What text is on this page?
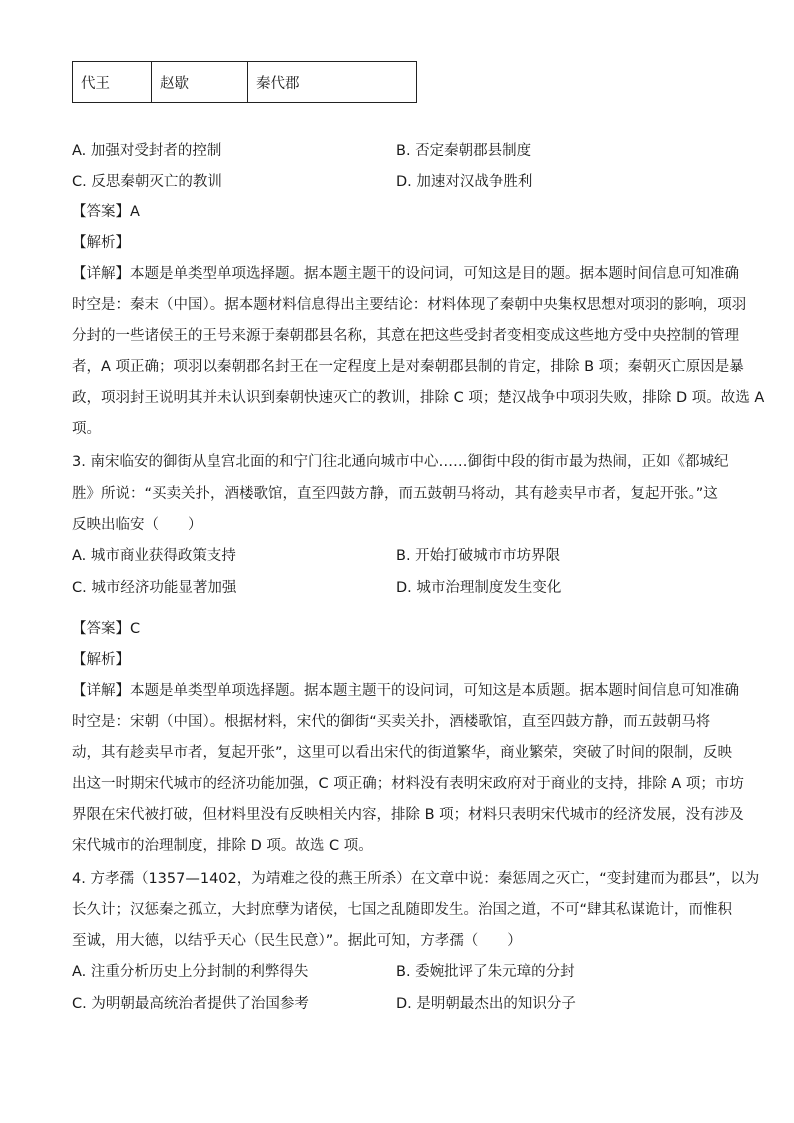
代王	赵歇	秦代郡
A. 加强对受封者的控制	B. 否定秦朝郡县制度
C. 反思秦朝灭亡的教训	D. 加速对汉战争胜利
【答案】A
【解析】
【详解】本题是单类型单项选择题。据本题主题干的设问词，可知这是目的题。据本题时间信息可知准确
时空是：秦末（中国）。据本题材料信息得出主要结论：材料体现了秦朝中央集权思想对项羽的影响，项羽
分封的一些诸侯王的王号来源于秦朝郡县名称，其意在把这些受封者变相变成这些地方受中央控制的管理
者，A 项正确；项羽以秦朝郡名封王在一定程度上是对秦朝郡县制的肯定，排除 B 项；秦朝灭亡原因是暴
政，项羽封王说明其并未认识到秦朝快速灭亡的教训，排除 C 项；楚汉战争中项羽失败，排除 D 项。故选 A
项。
3. 南宋临安的御街从皇宫北面的和宁门往北通向城市中心……御街中段的街市最为热闹，正如《都城纪
胜》所说：“买卖关扑，酒楼歌馆，直至四鼓方静，而五鼓朝马将动，其有趁卖早市者，复起开张。”这
反映出临安（　　）
A. 城市商业获得政策支持	B. 开始打破城市市坊界限
C. 城市经济功能显著加强	D. 城市治理制度发生变化
【答案】C
【解析】
【详解】本题是单类型单项选择题。据本题主题干的设问词，可知这是本质题。据本题时间信息可知准确
时空是：宋朝（中国）。根据材料，宋代的御街“买卖关扑，酒楼歌馆，直至四鼓方静，而五鼓朝马将
动，其有趁卖早市者，复起开张”，这里可以看出宋代的街道繁华，商业繁荣，突破了时间的限制，反映
出这一时期宋代城市的经济功能加强，C 项正确；材料没有表明宋政府对于商业的支持，排除 A 项；市坊
界限在宋代被打破，但材料里没有反映相关内容，排除 B 项；材料只表明宋代城市的经济发展，没有涉及
宋代城市的治理制度，排除 D 项。故选 C 项。
4. 方孝孺（1357—1402，为靖难之役的燕王所杀）在文章中说：秦惩周之灭亡，“变封建而为郡县”，以为
长久计；汉惩秦之孤立，大封庶孽为诸侯，七国之乱随即发生。治国之道，不可“肆其私谋诡计，而惟积
至诚，用大德，以结乎天心（民生民意）”。据此可知，方孝孺（　　）
A. 注重分析历史上分封制的利弊得失	B. 委婉批评了朱元璋的分封
C. 为明朝最高统治者提供了治国参考	D. 是明朝最杰出的知识分子
